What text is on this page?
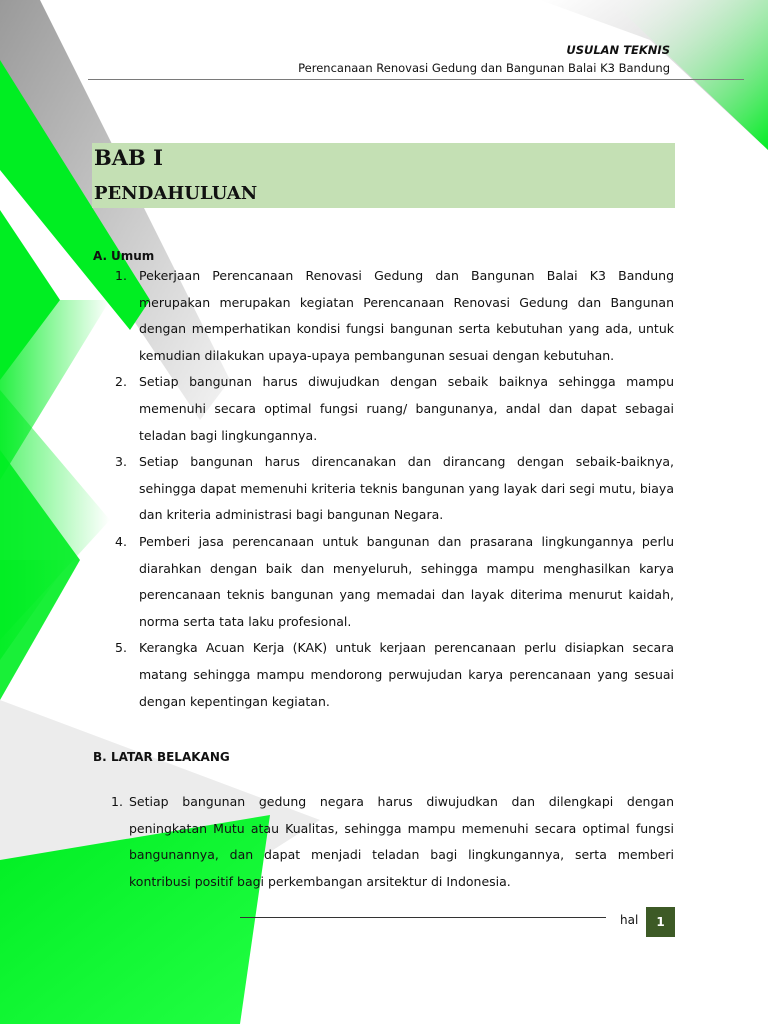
USULAN TEKNIS
Perencanaan Renovasi Gedung dan Bangunan Balai K3 Bandung
BAB I
PENDAHULUAN
A. Umum
1. Pekerjaan Perencanaan Renovasi Gedung dan Bangunan Balai K3 Bandung merupakan merupakan kegiatan Perencanaan Renovasi Gedung dan Bangunan dengan memperhatikan kondisi fungsi bangunan serta kebutuhan yang ada, untuk kemudian dilakukan upaya-upaya pembangunan sesuai dengan kebutuhan.
2. Setiap bangunan harus diwujudkan dengan sebaik baiknya sehingga mampu memenuhi secara optimal fungsi ruang/ bangunanya, andal dan dapat sebagai teladan bagi lingkungannya.
3. Setiap bangunan harus direncanakan dan dirancang dengan sebaik-baiknya, sehingga dapat memenuhi kriteria teknis bangunan yang layak dari segi mutu, biaya dan kriteria administrasi bagi bangunan Negara.
4. Pemberi jasa perencanaan untuk bangunan dan prasarana lingkungannya perlu diarahkan dengan baik dan menyeluruh, sehingga mampu menghasilkan karya perencanaan teknis bangunan yang memadai dan layak diterima menurut kaidah, norma serta tata laku profesional.
5. Kerangka Acuan Kerja (KAK) untuk kerjaan perencanaan perlu disiapkan secara matang sehingga mampu mendorong perwujudan karya perencanaan yang sesuai dengan kepentingan kegiatan.
B. LATAR BELAKANG
1. Setiap bangunan gedung negara harus diwujudkan dan dilengkapi dengan peningkatan Mutu atau Kualitas, sehingga mampu memenuhi secara optimal fungsi bangunannya, dan dapat menjadi teladan bagi lingkungannya, serta memberi kontribusi positif bagi perkembangan arsitektur di Indonesia.
hal 1
